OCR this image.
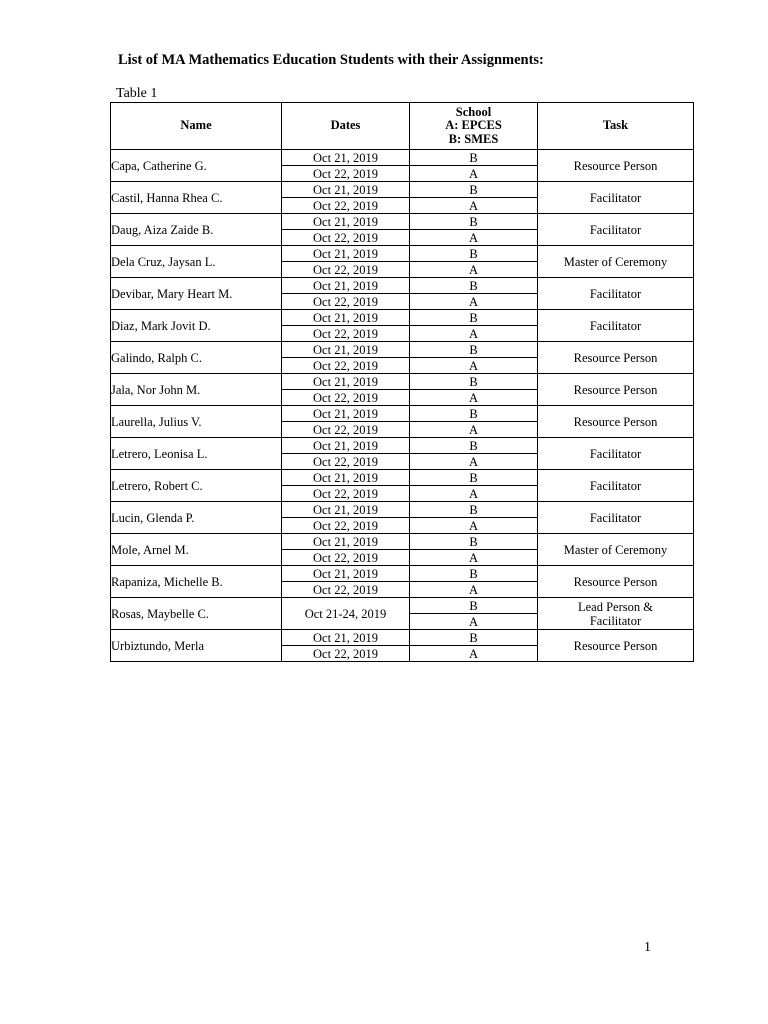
List of MA Mathematics Education Students with their Assignments:
Table 1
Name	Dates	School
A: EPCES
B: SMES	Task
Capa, Catherine G.	Oct 21, 2019	B	Resource Person
	Oct 22, 2019	A	
Castil, Hanna Rhea C.	Oct 21, 2019	B	Facilitator
	Oct 22, 2019	A	
Daug, Aiza Zaide B.	Oct 21, 2019	B	Facilitator
	Oct 22, 2019	A	
Dela Cruz, Jaysan L.	Oct 21, 2019	B	Master of Ceremony
	Oct 22, 2019	A	
Devibar, Mary Heart M.	Oct 21, 2019	B	Facilitator
	Oct 22, 2019	A	
Diaz, Mark Jovit D.	Oct 21, 2019	B	Facilitator
	Oct 22, 2019	A	
Galindo, Ralph C.	Oct 21, 2019	B	Resource Person
	Oct 22, 2019	A	
Jala, Nor John M.	Oct 21, 2019	B	Resource Person
	Oct 22, 2019	A	
Laurella, Julius V.	Oct 21, 2019	B	Resource Person
	Oct 22, 2019	A	
Letrero, Leonisa L.	Oct 21, 2019	B	Facilitator
	Oct 22, 2019	A	
Letrero, Robert C.	Oct 21, 2019	B	Facilitator
	Oct 22, 2019	A	
Lucin, Glenda P.	Oct 21, 2019	B	Facilitator
	Oct 22, 2019	A	
Mole, Arnel M.	Oct 21, 2019	B	Master of Ceremony
	Oct 22, 2019	A	
Rapaniza, Michelle B.	Oct 21, 2019	B	Resource Person
	Oct 22, 2019	A	
Rosas, Maybelle C.	Oct 21-24, 2019	B	Lead Person &
Facilitator

		A	
Urbiztundo, Merla	Oct 21, 2019	B	Resource Person
	Oct 22, 2019	A	
1
